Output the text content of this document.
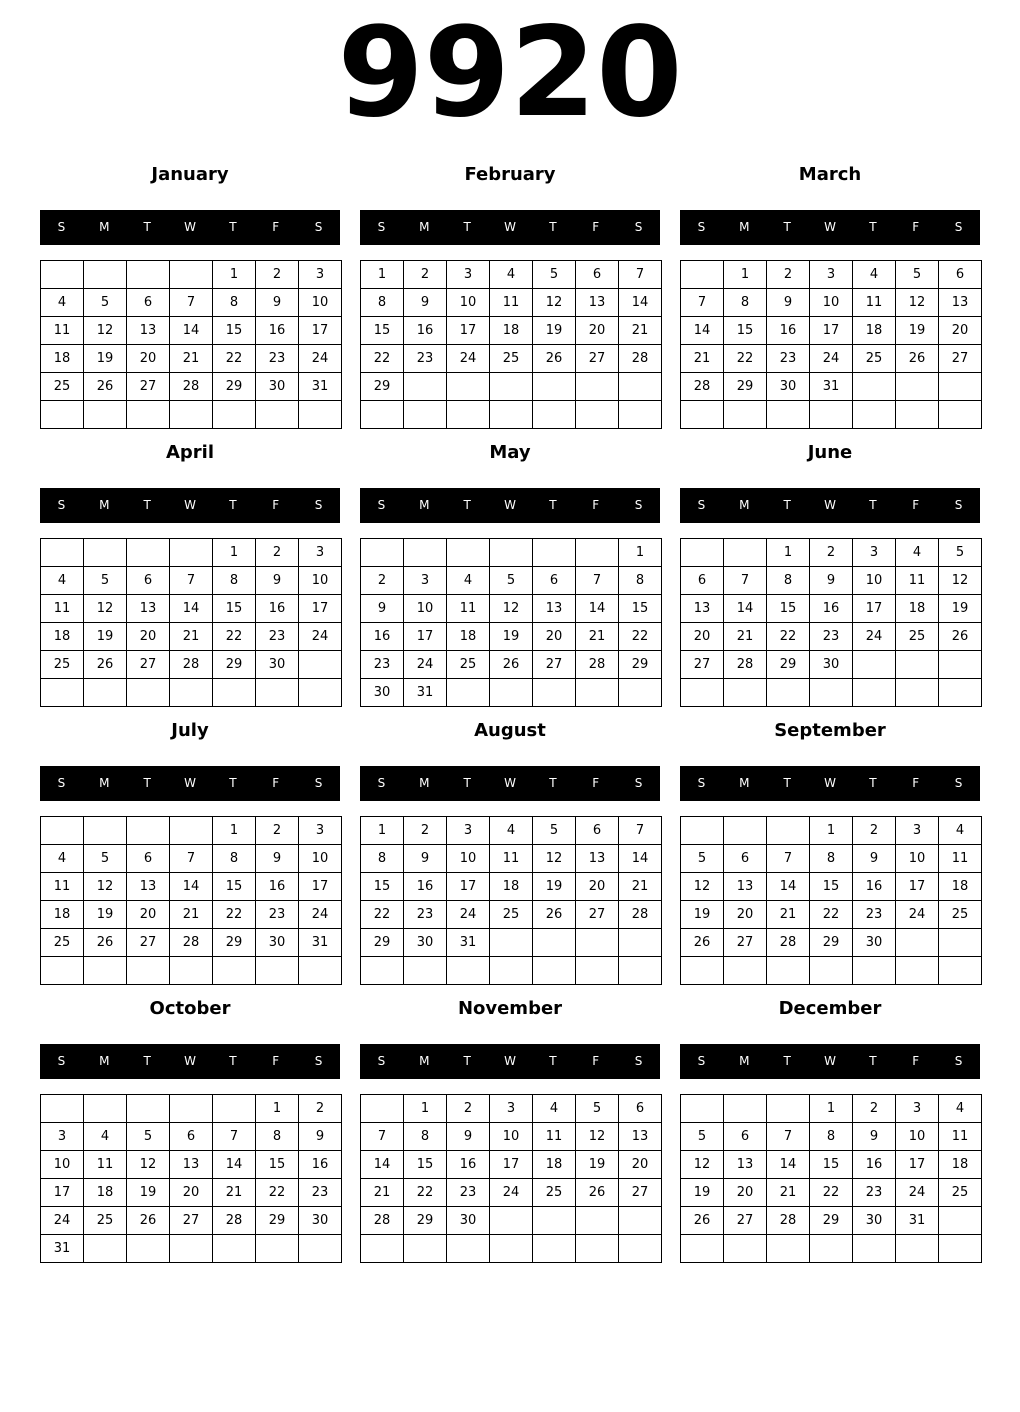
9920
January
S	M	T	W	T	F	S
				1	2	3
4	5	6	7	8	9	10
11	12	13	14	15	16	17
18	19	20	21	22	23	24
25	26	27	28	29	30	31

February
S	M	T	W	T	F	S
1	2	3	4	5	6	7
8	9	10	11	12	13	14
15	16	17	18	19	20	21
22	23	24	25	26	27	28
29						

March
S	M	T	W	T	F	S
	1	2	3	4	5	6
7	8	9	10	11	12	13
14	15	16	17	18	19	20
21	22	23	24	25	26	27
28	29	30	31			

April
S	M	T	W	T	F	S
				1	2	3
4	5	6	7	8	9	10
11	12	13	14	15	16	17
18	19	20	21	22	23	24
25	26	27	28	29	30	

May
S	M	T	W	T	F	S
						1
2	3	4	5	6	7	8
9	10	11	12	13	14	15
16	17	18	19	20	21	22
23	24	25	26	27	28	29
30	31					
June
S	M	T	W	T	F	S
		1	2	3	4	5
6	7	8	9	10	11	12
13	14	15	16	17	18	19
20	21	22	23	24	25	26
27	28	29	30			

July
S	M	T	W	T	F	S
				1	2	3
4	5	6	7	8	9	10
11	12	13	14	15	16	17
18	19	20	21	22	23	24
25	26	27	28	29	30	31

August
S	M	T	W	T	F	S
1	2	3	4	5	6	7
8	9	10	11	12	13	14
15	16	17	18	19	20	21
22	23	24	25	26	27	28
29	30	31				

September
S	M	T	W	T	F	S
			1	2	3	4
5	6	7	8	9	10	11
12	13	14	15	16	17	18
19	20	21	22	23	24	25
26	27	28	29	30		

October
S	M	T	W	T	F	S
					1	2
3	4	5	6	7	8	9
10	11	12	13	14	15	16
17	18	19	20	21	22	23
24	25	26	27	28	29	30
31						
November
S	M	T	W	T	F	S
	1	2	3	4	5	6
7	8	9	10	11	12	13
14	15	16	17	18	19	20
21	22	23	24	25	26	27
28	29	30				

December
S	M	T	W	T	F	S
			1	2	3	4
5	6	7	8	9	10	11
12	13	14	15	16	17	18
19	20	21	22	23	24	25
26	27	28	29	30	31	
